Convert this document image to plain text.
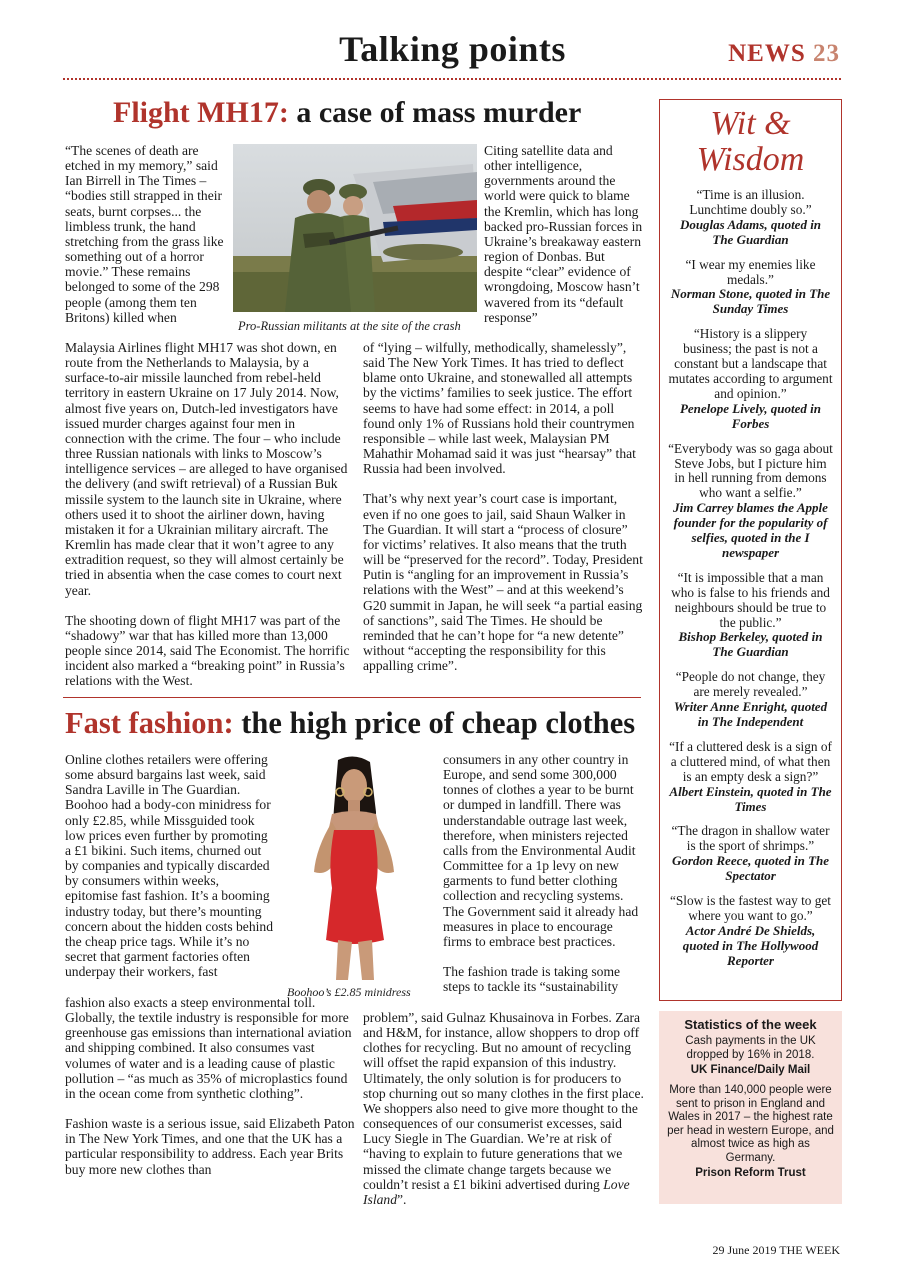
Talking points	NEWS 23
Flight MH17: a case of mass murder

“The scenes of death are etched in my memory,” said Ian Birrell in The Times – “bodies still strapped in their seats, burnt corpses... the limbless trunk, the hand stretching from the grass like something out of a horror movie.” These remains belonged to some of the 298 people (among them ten Britons) killed when

Pro-Russian militants at the site of the crash

Citing satellite data and other intelligence, governments around the world were quick to blame the Kremlin, which has long backed pro-Russian forces in Ukraine’s breakaway eastern region of Donbas. But despite “clear” evidence of wrongdoing, Moscow hasn’t wavered from its “default response”

Malaysia Airlines flight MH17 was shot down, en route from the Netherlands to Malaysia, by a surface-to-air missile launched from rebel-held territory in eastern Ukraine on 17 July 2014. Now, almost five years on, Dutch-led investigators have issued murder charges against four men in connection with the crime. The four – who include three Russian nationals with links to Moscow’s intelligence services – are alleged to have organised the delivery (and swift retrieval) of a Russian Buk missile system to the launch site in Ukraine, where others used it to shoot the airliner down, having mistaken it for a Ukrainian military aircraft. The Kremlin has made clear that it won’t agree to any extradition request, so they will almost certainly be tried in absentia when the case comes to court next year.

The shooting down of flight MH17 was part of the “shadowy” war that has killed more than 13,000 people since 2014, said The Economist. The horrific incident also marked a “breaking point” in Russia’s relations with the West.

of “lying – wilfully, methodically, shamelessly”, said The New York Times. It has tried to deflect blame onto Ukraine, and stonewalled all attempts by the victims’ families to seek justice. The effort seems to have had some effect: in 2014, a poll found only 1% of Russians hold their countrymen responsible – while last week, Malaysian PM Mahathir Mohamad said it was just “hearsay” that Russia had been involved.

That’s why next year’s court case is important, even if no one goes to jail, said Shaun Walker in The Guardian. It will start a “process of closure” for victims’ relatives. It also means that the truth will be “preserved for the record”. Today, President Putin is “angling for an improvement in Russia’s relations with the West” – and at this weekend’s G20 summit in Japan, he will seek “a partial easing of sanctions”, said The Times. He should be reminded that he can’t hope for “a new detente” without “accepting the responsibility for this appalling crime”.

Fast fashion: the high price of cheap clothes

Online clothes retailers were offering some absurd bargains last week, said Sandra Laville in The Guardian. Boohoo had a body-con minidress for only £2.85, while Missguided took low prices even further by promoting a £1 bikini. Such items, churned out by companies and typically discarded by consumers within weeks, epitomise fast fashion. It’s a booming industry today, but there’s mounting concern about the hidden costs behind the cheap price tags. While it’s no secret that garment factories often underpay their workers, fast

Boohoo’s £2.85 minidress

consumers in any other country in Europe, and send some 300,000 tonnes of clothes a year to be burnt or dumped in landfill. There was understandable outrage last week, therefore, when ministers rejected calls from the Environmental Audit Committee for a 1p levy on new garments to fund better clothing collection and recycling systems. The Government said it already had measures in place to encourage firms to embrace best practices.

The fashion trade is taking some steps to tackle its “sustainability

fashion also exacts a steep environmental toll. Globally, the textile industry is responsible for more greenhouse gas emissions than international aviation and shipping combined. It also consumes vast volumes of water and is a leading cause of plastic pollution – “as much as 35% of microplastics found in the ocean come from synthetic clothing”.

Fashion waste is a serious issue, said Elizabeth Paton in The New York Times, and one that the UK has a particular responsibility to address. Each year Brits buy more new clothes than

problem”, said Gulnaz Khusainova in Forbes. Zara and H&M, for instance, allow shoppers to drop off clothes for recycling. But no amount of recycling will offset the rapid expansion of this industry. Ultimately, the only solution is for producers to stop churning out so many clothes in the first place. We shoppers also need to give more thought to the consequences of our consumerist excesses, said Lucy Siegle in The Guardian. We’re at risk of “having to explain to future generations that we missed the climate change targets because we couldn’t resist a £1 bikini advertised during Love Island”.

Wit &
Wisdom
“Time is an illusion. Lunchtime doubly so.”
Douglas Adams, quoted in The Guardian
“I wear my enemies like medals.”
Norman Stone, quoted in The Sunday Times
“History is a slippery business; the past is not a constant but a landscape that mutates according to argument and opinion.”
Penelope Lively, quoted in Forbes
“Everybody was so gaga about Steve Jobs, but I picture him in hell running from demons who want a selfie.”
Jim Carrey blames the Apple founder for the popularity of selfies, quoted in the I newspaper
“It is impossible that a man who is false to his friends and neighbours should be true to the public.”
Bishop Berkeley, quoted in The Guardian
“People do not change, they are merely revealed.”
Writer Anne Enright, quoted in The Independent
“If a cluttered desk is a sign of a cluttered mind, of what then is an empty desk a sign?”
Albert Einstein, quoted in The Times
“The dragon in shallow water is the sport of shrimps.”
Gordon Reece, quoted in The Spectator
“Slow is the fastest way to get where you want to go.”
Actor André De Shields, quoted in The Hollywood Reporter
Statistics of the week
Cash payments in the UK dropped by 16% in 2018.
UK Finance/Daily Mail
More than 140,000 people were sent to prison in England and Wales in 2017 – the highest rate per head in western Europe, and almost twice as high as Germany.
Prison Reform Trust
29 June 2019 THE WEEK
